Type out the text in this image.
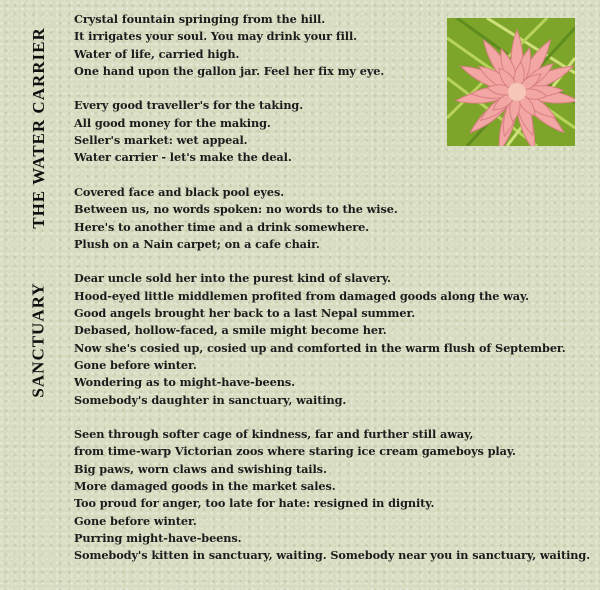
THE WATER CARRIER
SANCTUARY
Crystal fountain springing from the hill.
It irrigates your soul. You may drink your fill.
Water of life, carried high.
One hand upon the gallon jar. Feel her fix my eye.
Every good traveller's for the taking.
All good money for the making.
Seller's market: wet appeal.
Water carrier - let's make the deal.
Covered face and black pool eyes.
Between us, no words spoken: no words to the wise.
Here's to another time and a drink somewhere.
Plush on a Nain carpet; on a cafe chair.
Dear uncle sold her into the purest kind of slavery.
Hood-eyed little middlemen profited from damaged goods along the way.
Good angels brought her back to a last Nepal summer.
Debased, hollow-faced, a smile might become her.
Now she's cosied up, cosied up and comforted in the warm flush of September.
Gone before winter.
Wondering as to might-have-beens.
Somebody's daughter in sanctuary, waiting.
Seen through softer cage of kindness, far and further still away,
from time-warp Victorian zoos where staring ice cream gameboys play.
Big paws, worn claws and swishing tails.
More damaged goods in the market sales.
Too proud for anger, too late for hate: resigned in dignity.
Gone before winter.
Purring might-have-beens.
Somebody's kitten in sanctuary, waiting. Somebody near you in sanctuary, waiting.
